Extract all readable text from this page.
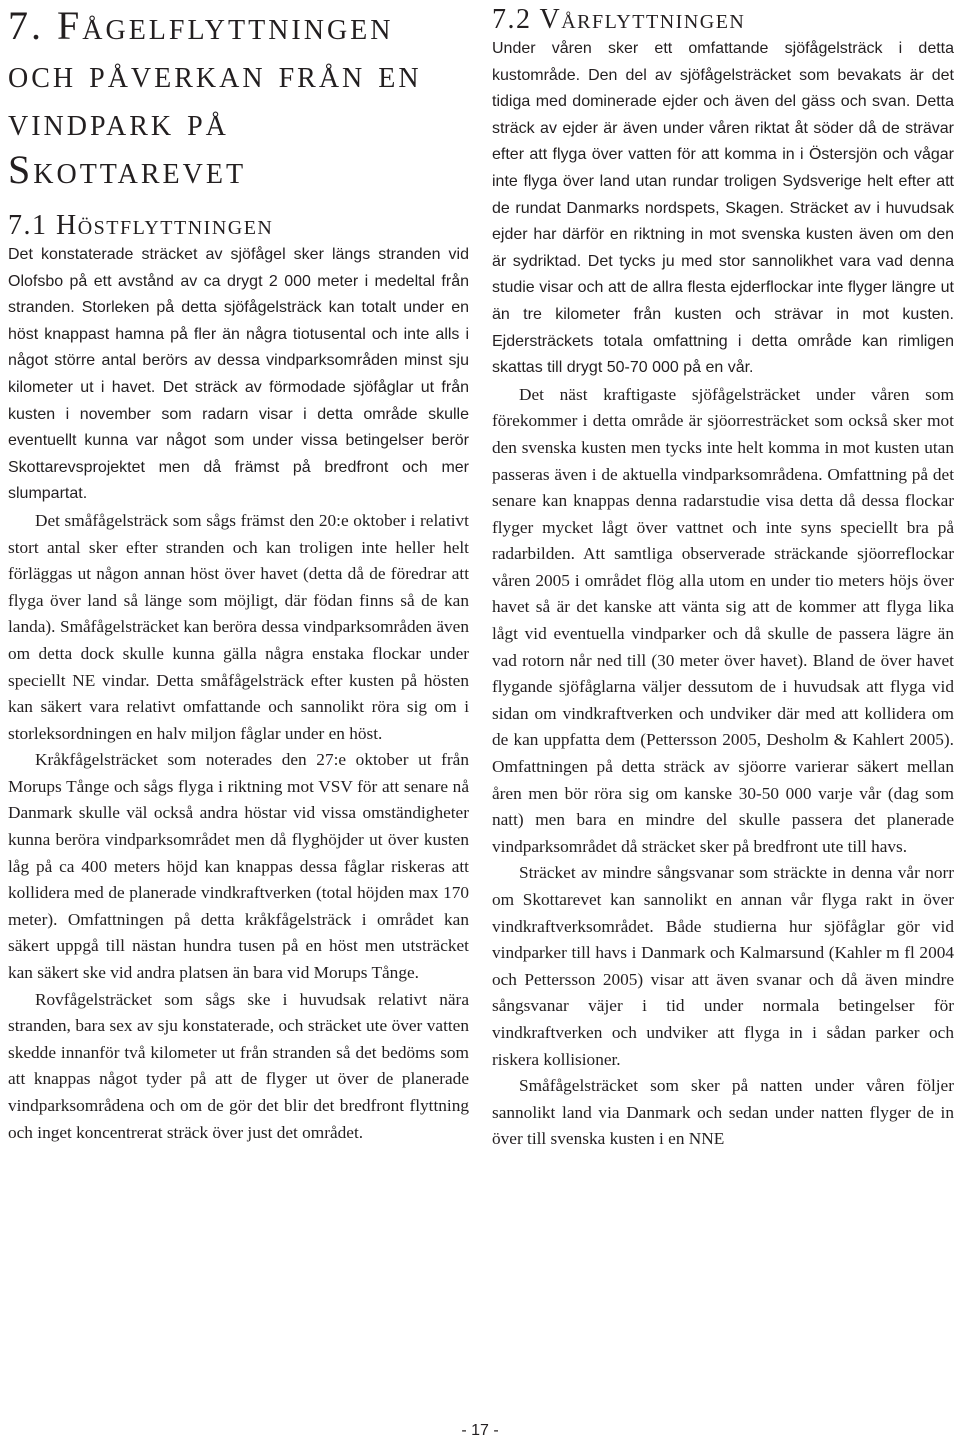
7. Fågelflyttningen och påverkan från en vindpark på Skottarevet
7.1 Höstflyttningen

Det konstaterade sträcket av sjöfågel sker längs stranden vid Olofsbo på ett avstånd av ca drygt 2 000 meter i medeltal från stranden. Storleken på detta sjöfågelsträck kan totalt under en höst knappast hamna på fler än några tiotusental och inte alls i något större antal berörs av dessa vindparksområden minst sju kilometer ut i havet. Det sträck av förmodade sjöfåglar ut från kusten i november som radarn visar i detta område skulle eventuellt kunna var något som under vissa betingelser berör Skottarevsprojektet men då främst på bredfront och mer slumpartat.

Det småfågelsträck som sågs främst den 20:e oktober i relativt stort antal sker efter stranden och kan troligen inte heller helt förläggas ut någon annan höst över havet (detta då de föredrar att flyga över land så länge som möjligt, där födan finns så de kan landa). Småfågelsträcket kan beröra dessa vindparksområden även om detta dock skulle kunna gälla några enstaka flockar under speciellt NE vindar. Detta småfågelsträck efter kusten på hösten kan säkert vara relativt omfattande och sannolikt röra sig om i storleksordningen en halv miljon fåglar under en höst.

Kråkfågelsträcket som noterades den 27:e oktober ut från Morups Tånge och sågs flyga i riktning mot VSV för att senare nå Danmark skulle väl också andra höstar vid vissa omständigheter kunna beröra vindparksområdet men då flyghöjder ut över kusten låg på ca 400 meters höjd kan knappas dessa fåglar riskeras att kollidera med de planerade vindkraftverken (total höjden max 170 meter). Omfattningen på detta kråkfågelsträck i området kan säkert uppgå till nästan hundra tusen på en höst men utsträcket kan säkert ske vid andra platsen än bara vid Morups Tånge.

Rovfågelsträcket som sågs ske i huvudsak relativt nära stranden, bara sex av sju konstaterade, och sträcket ute över vatten skedde innanför två kilometer ut från stranden så det bedöms som att knappas något tyder på att de flyger ut över de planerade vindparksområdena och om de gör det blir det bredfront flyttning och inget koncentrerat sträck över just det området.

7.2 Vårflyttningen

Under våren sker ett omfattande sjöfågelsträck i detta kustområde. Den del av sjöfågelsträcket som bevakats är det tidiga med dominerade ejder och även del gäss och svan. Detta sträck av ejder är även under våren riktat åt söder då de strävar efter att flyga över vatten för att komma in i Östersjön och vågar inte flyga över land utan rundar troligen Sydsverige helt efter att de rundat Danmarks nordspets, Skagen. Sträcket av i huvudsak ejder har därför en riktning in mot svenska kusten även om den är sydriktad. Det tycks ju med stor sannolikhet vara vad denna studie visar och att de allra flesta ejderflockar inte flyger längre ut än tre kilometer från kusten och strävar in mot kusten. Ejdersträckets totala omfattning i detta område kan rimligen skattas till drygt 50-70 000 på en vår.

Det näst kraftigaste sjöfågelsträcket under våren som förekommer i detta område är sjöorresträcket som också sker mot den svenska kusten men tycks inte helt komma in mot kusten utan passeras även i de aktuella vindparksområdena. Omfattning på det senare kan knappas denna radarstudie visa detta då dessa flockar flyger mycket lågt över vattnet och inte syns speciellt bra på radarbilden. Att samtliga observerade sträckande sjöorreflockar våren 2005 i området flög alla utom en under tio meters höjs över havet så är det kanske att vänta sig att de kommer att flyga lika lågt vid eventuella vindparker och då skulle de passera lägre än vad rotorn når ned till (30 meter över havet). Bland de över havet flygande sjöfåglarna väljer dessutom de i huvudsak att flyga vid sidan om vindkraftverken och undviker där med att kollidera om de kan uppfatta dem (Pettersson 2005, Desholm & Kahlert 2005). Omfattningen på detta sträck av sjöorre varierar säkert mellan åren men bör röra sig om kanske 30-50 000 varje vår (dag som natt) men bara en mindre del skulle passera det planerade vindparksområdet då sträcket sker på bredfront ute till havs.

Sträcket av mindre sångsvanar som sträckte in denna vår norr om Skottarevet kan sannolikt en annan vår flyga rakt in över vindkraftverksområdet. Både studierna hur sjöfåglar gör vid vindparker till havs i Danmark och Kalmarsund (Kahler m fl 2004 och Pettersson 2005) visar att även svanar och då även mindre sångsvanar väjer i tid under normala betingelser för vindkraftverken och undviker att flyga in i sådan parker och riskera kollisioner.

Småfågelsträcket som sker på natten under våren följer sannolikt land via Danmark och sedan under natten flyger de in över till svenska kusten i en NNE

- 17 -
